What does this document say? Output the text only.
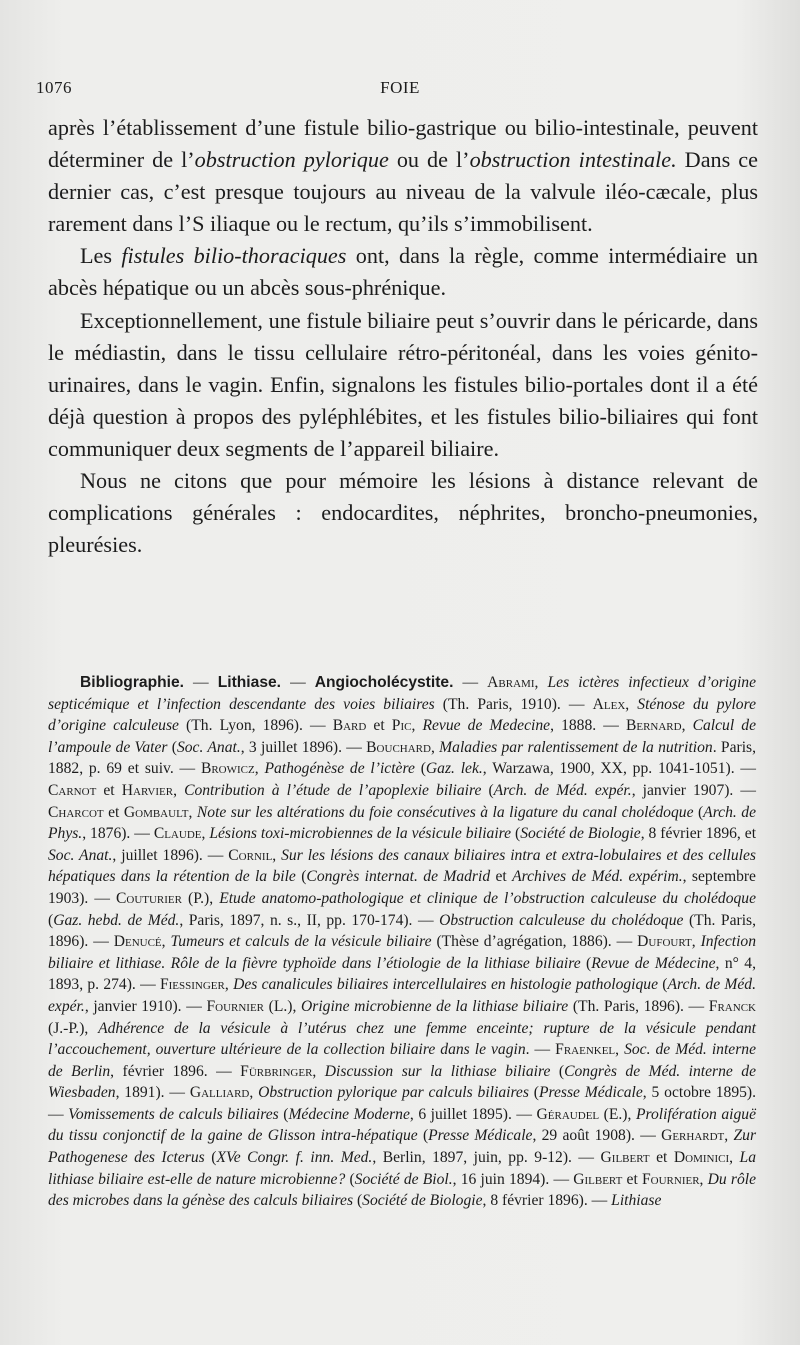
1076	FOIE

après l’établissement d’une fistule bilio-gastrique ou bilio-intestinale, peuvent déterminer de l’obstruction pylorique ou de l’obstruction intestinale. Dans ce dernier cas, c’est presque toujours au niveau de la valvule iléo-cæcale, plus rarement dans l’S iliaque ou le rectum, qu’ils s’immobilisent.

Les fistules bilio-thoraciques ont, dans la règle, comme intermédiaire un abcès hépatique ou un abcès sous-phrénique.

Exceptionnellement, une fistule biliaire peut s’ouvrir dans le péricarde, dans le médiastin, dans le tissu cellulaire rétro-péritonéal, dans les voies génito-urinaires, dans le vagin. Enfin, signalons les fistules bilio-portales dont il a été déjà question à propos des pyléphlébites, et les fistules bilio-biliaires qui font communiquer deux segments de l’appareil biliaire.

Nous ne citons que pour mémoire les lésions à distance relevant de complications générales : endocardites, néphrites, broncho-pneumonies, pleurésies.

Bibliographie. — Lithiase. — Angiocholécystite. — Abrami, Les ictères infectieux d’origine septicémique et l’infection descendante des voies biliaires (Th. Paris, 1910). — Alex, Sténose du pylore d’origine calculeuse (Th. Lyon, 1896). — Bard et Pic, Revue de Medecine, 1888. — Bernard, Calcul de l’ampoule de Vater (Soc. Anat., 3 juillet 1896). — Bouchard, Maladies par ralentissement de la nutrition. Paris, 1882, p. 69 et suiv. — Browicz, Pathogénèse de l’ictère (Gaz. lek., Warzawa, 1900, XX, pp. 1041-1051). — Carnot et Harvier, Contribution à l’étude de l’apoplexie biliaire (Arch. de Méd. expér., janvier 1907). — Charcot et Gombault, Note sur les altérations du foie consécutives à la ligature du canal cholédoque (Arch. de Phys., 1876). — Claude, Lésions toxi-microbiennes de la vésicule biliaire (Société de Biologie, 8 février 1896, et Soc. Anat., juillet 1896). — Cornil, Sur les lésions des canaux biliaires intra et extra-lobulaires et des cellules hépatiques dans la rétention de la bile (Congrès internat. de Madrid et Archives de Méd. expérim., septembre 1903). — Couturier (P.), Etude anatomo-pathologique et clinique de l’obstruction calculeuse du cholédoque (Gaz. hebd. de Méd., Paris, 1897, n. s., II, pp. 170-174). — Obstruction calculeuse du cholédoque (Th. Paris, 1896). — Denucé, Tumeurs et calculs de la vésicule biliaire (Thèse d’agrégation, 1886). — Dufourt, Infection biliaire et lithiase. Rôle de la fièvre typhoïde dans l’étiologie de la lithiase biliaire (Revue de Médecine, n° 4, 1893, p. 274). — Fiessinger, Des canalicules biliaires intercellulaires en histologie pathologique (Arch. de Méd. expér., janvier 1910). — Fournier (L.), Origine microbienne de la lithiase biliaire (Th. Paris, 1896). — Franck (J.-P.), Adhérence de la vésicule à l’utérus chez une femme enceinte; rupture de la vésicule pendant l’accouchement, ouverture ultérieure de la collection biliaire dans le vagin. — Fraenkel, Soc. de Méd. interne de Berlin, février 1896. — Fürbringer, Discussion sur la lithiase biliaire (Congrès de Méd. interne de Wiesbaden, 1891). — Galliard, Obstruction pylorique par calculs biliaires (Presse Médicale, 5 octobre 1895). — Vomissements de calculs biliaires (Médecine Moderne, 6 juillet 1895). — Géraudel (E.), Prolifération aiguë du tissu conjonctif de la gaine de Glisson intra-hépatique (Presse Médicale, 29 août 1908). — Gerhardt, Zur Pathogenese des Icterus (XVe Congr. f. inn. Med., Berlin, 1897, juin, pp. 9-12). — Gilbert et Dominici, La lithiase biliaire est-elle de nature microbienne? (Société de Biol., 16 juin 1894). — Gilbert et Fournier, Du rôle des microbes dans la génèse des calculs biliaires (Société de Biologie, 8 février 1896). — Lithiase
